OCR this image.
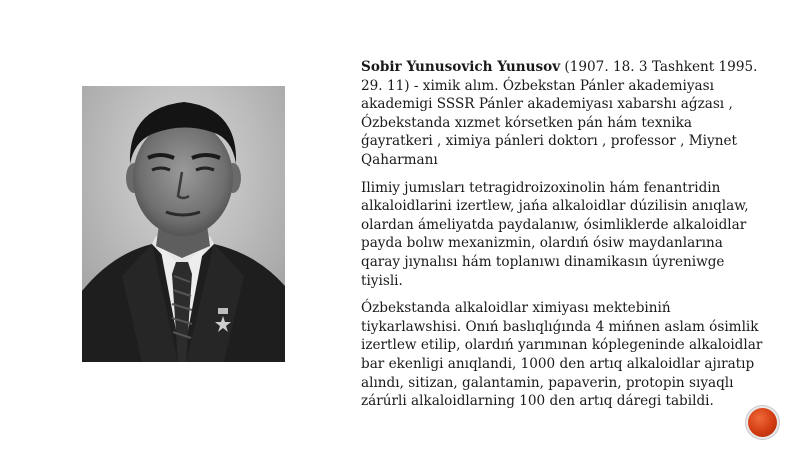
Sobir Yunusovich Yunusov (1907. 18. 3 Tashkent 1995. 29. 11) - ximik alım. Ózbekstan Pánler akademiyası akademigi SSSR Pánler akademiyası xabarshı aǵzası , Ózbekstanda xızmet kórsetken pán hám texnika ǵayratkeri , ximiya pánleri doktorı , professor , Miynet Qaharmanı

Ilimiy jumısları tetragidroizoxinolin hám fenantridin alkaloidlarini izertlew, jańa alkaloidlar dúzilisin anıqlaw, olardan ámeliyatda paydalanıw, ósimliklerde alkaloidlar payda bolıw mexanizmin, olardıń ósiw maydanlarına qaray jıynalısı hám toplanıwı dinamikasın úyreniwge tiyisli.

Ózbekstanda alkaloidlar ximiyası mektebiniń tiykarlawshisi. Onıń baslıqlıǵında 4 mińnen aslam ósimlik izertlew etilip, olardıń yarımınan kóplegeninde alkaloidlar bar ekenligi anıqlandi, 1000 den artıq alkaloidlar ajıratıp alındı, sitizan, galantamin, papaverin, protopin sıyaqlı zárúrli alkaloidlarning 100 den artıq dáregi tabildi.
